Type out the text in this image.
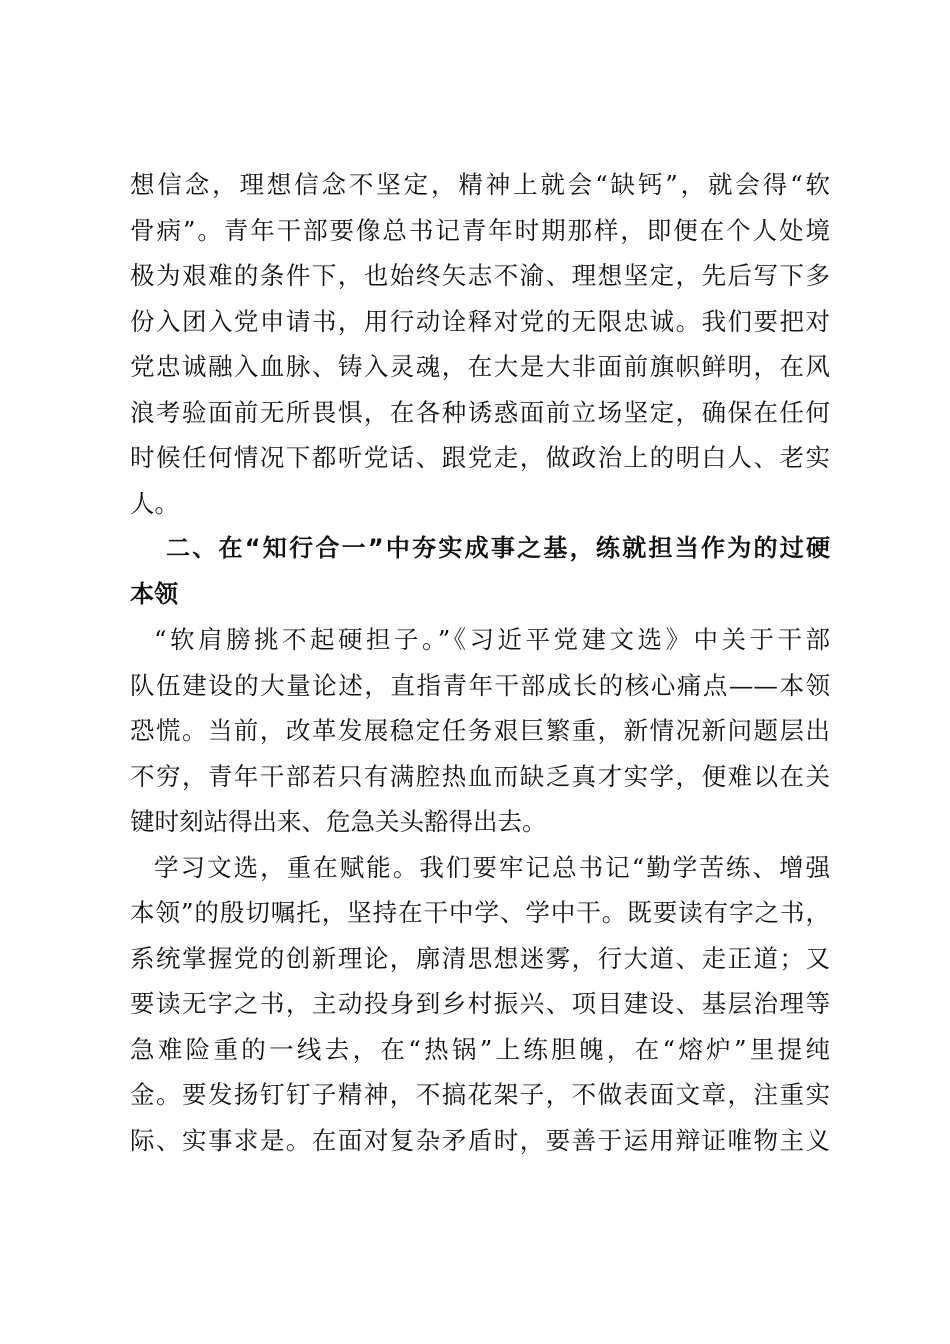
想信念，理想信念不坚定，精神上就会“缺钙”，就会得“软
骨病”。青年干部要像总书记青年时期那样，即便在个人处境
极为艰难的条件下，也始终矢志不渝、理想坚定，先后写下多
份入团入党申请书，用行动诠释对党的无限忠诚。我们要把对
党忠诚融入血脉、铸入灵魂，在大是大非面前旗帜鲜明，在风
浪考验面前无所畏惧，在各种诱惑面前立场坚定，确保在任何
时候任何情况下都听党话、跟党走，做政治上的明白人、老实
人。
二、在“知行合一”中夯实成事之基，练就担当作为的过硬
本领
“软肩膀挑不起硬担子。”《习近平党建文选》中关于干部
队伍建设的大量论述，直指青年干部成长的核心痛点——本领
恐慌。当前，改革发展稳定任务艰巨繁重，新情况新问题层出
不穷，青年干部若只有满腔热血而缺乏真才实学，便难以在关
键时刻站得出来、危急关头豁得出去。
学习文选，重在赋能。我们要牢记总书记“勤学苦练、增强
本领”的殷切嘱托，坚持在干中学、学中干。既要读有字之书，
系统掌握党的创新理论，廓清思想迷雾，行大道、走正道；又
要读无字之书，主动投身到乡村振兴、项目建设、基层治理等
急难险重的一线去，在“热锅”上练胆魄，在“熔炉”里提纯
金。要发扬钉钉子精神，不搞花架子，不做表面文章，注重实
际、实事求是。在面对复杂矛盾时，要善于运用辩证唯物主义
